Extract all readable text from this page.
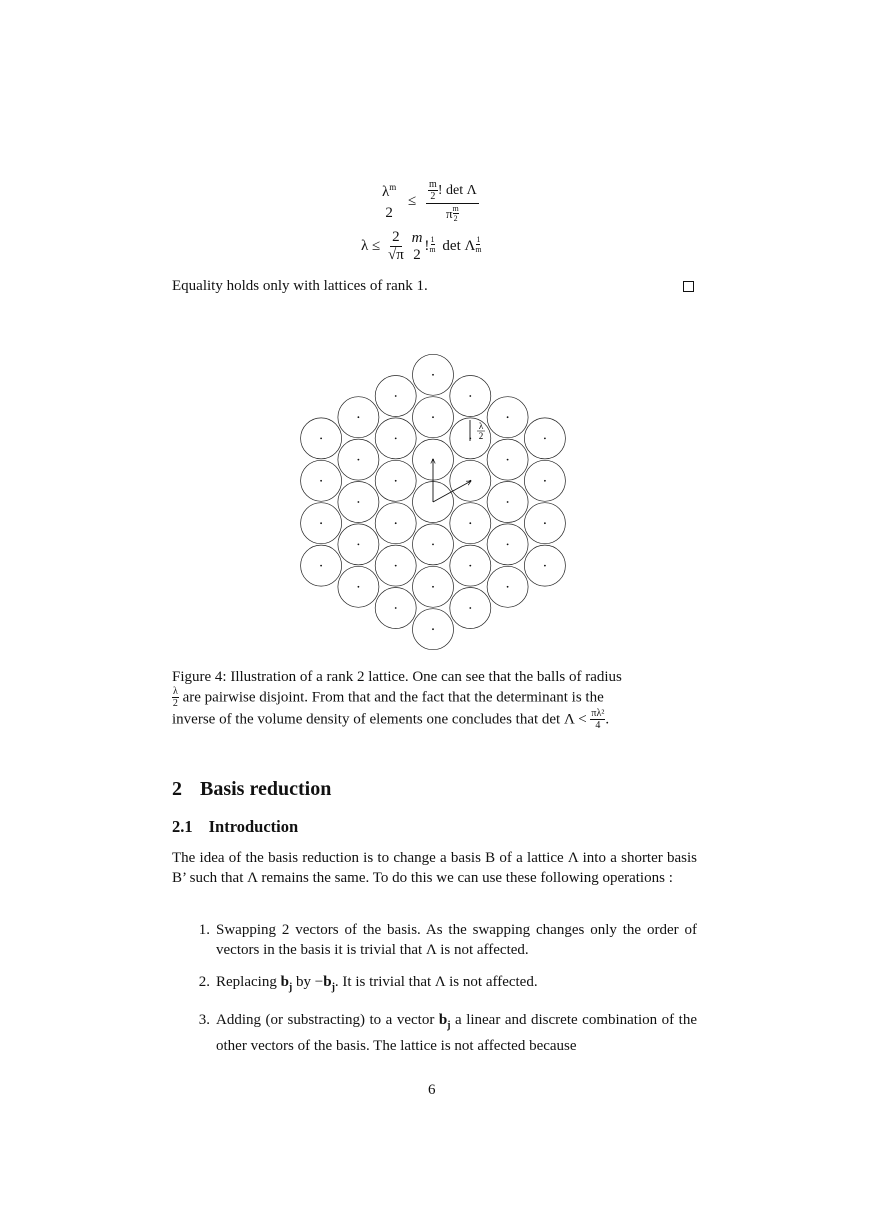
$\lambda^m$
2
≤ $\frac{\frac{m}{2} ! \det \Lambda}{\pi \frac{m}{2}}$
$\lambda \le \frac{2}{√\pi}$
m
2
! $\frac{1}{m}$ det Λ $\frac{1}{m}$
Equality holds only with lattices of rank 1.
λ
2
Figure 4: Illustration of a rank 2 lattice. One can see that the balls of radius
$\frac{\lambda}{2}$ are pairwise disjoint. From that and the fact that the determinant is the
inverse of the volume density of elements one concludes that $\det \Lambda < \frac{\text{πλ²}}{4}$ .
2 Basis reduction
2.1 Introduction
The idea of the basis reduction is to change a basis B of a lattice Λ into a shorter basis B’ such that Λ remains the same. To do this we can use these following operations :
1. Swapping 2 vectors of the basis. As the swapping changes only the order of vectors in the basis it is trivial that Λ is not affected.
2. Replacing $b_j$ by $-b_j$. It is trivial that Λ is not affected.
3. Adding (or substracting) to a vector $b_j$ a linear and discrete combination of the other vectors of the basis. The lattice is not affected because
6
